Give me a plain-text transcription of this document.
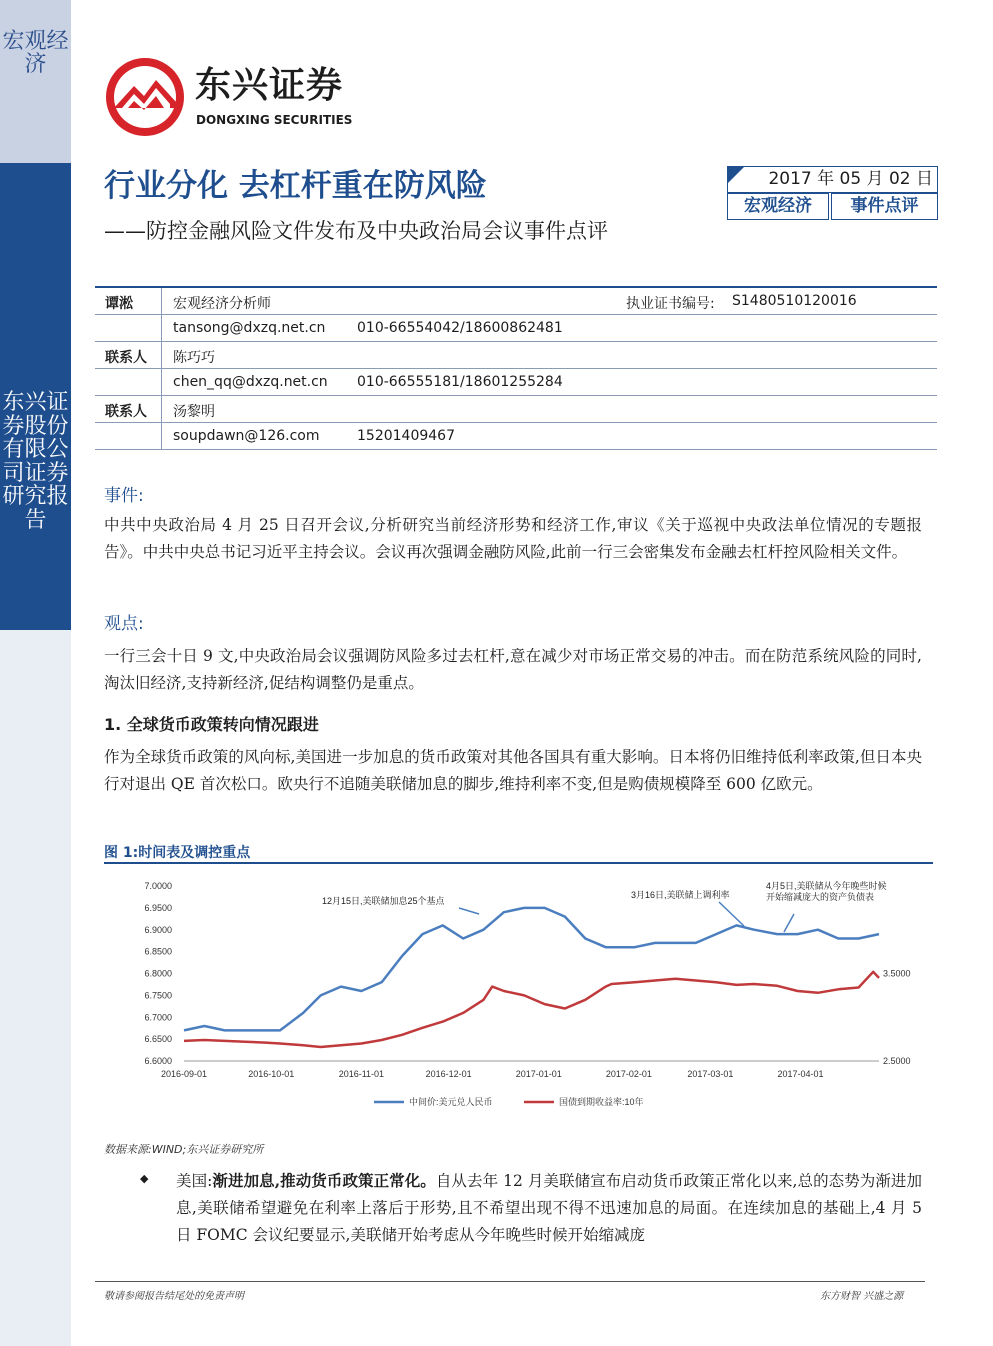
宏观经济
东兴证券股份有限公司证券研究报告
东兴证券
DONGXING SECURITIES
行业分化 去杠杆重在防风险
——防控金融风险文件发布及中央政治局会议事件点评
2017 年 05 月 02 日
宏观经济	事件点评
谭淞	宏观经济分析师	执业证书编号: S1480510120016
tansong@dxzq.net.cn 010-66554042/18600862481
联系人 陈巧巧
chen_qq@dxzq.net.cn 010-66555181/18601255284
联系人 汤黎明
soupdawn@126.com	15201409467
事件:
中共中央政治局 4 月 25 日召开会议,分析研究当前经济形势和经济工作,审议《关于巡视中央政法单位情况的专题报告》。中共中央总书记习近平主持会议。会议再次强调金融防风险,此前一行三会密集发布金融去杠杆控风险相关文件。
观点:
一行三会十日 9 文,中央政治局会议强调防风险多过去杠杆,意在减少对市场正常交易的冲击。而在防范系统风险的同时,淘汰旧经济,支持新经济,促结构调整仍是重点。
1. 全球货币政策转向情况跟进
作为全球货币政策的风向标,美国进一步加息的货币政策对其他各国具有重大影响。日本将仍旧维持低利率政策,但日本央行对退出 QE 首次松口。欧央行不追随美联储加息的脚步,维持利率不变,但是购债规模降至 600 亿欧元。
图 1:时间表及调控重点
7.0000
6.9500
6.9000
6.8500
6.8000
6.7500
6.7000
6.6500
6.6000
3.5000
2.5000
2016-09-01	2016-10-01	2016-11-01	2016-12-01	2017-01-01	2017-02-01	2017-03-01	2017-04-01
中间价:美元兑人民币	国债到期收益率:10年
12月15日,美联储加息25个基点
3月16日,美联储上调利率
4月5日,美联储从今年晚些时候开始缩减庞大的资产负债表
数据来源:WIND;东兴证券研究所
◆ 美国:渐进加息,推动货币政策正常化。自从去年 12 月美联储宣布启动货币政策正常化以来,总的态势为渐进加息,美联储希望避免在利率上落后于形势,且不希望出现不得不迅速加息的局面。在连续加息的基础上,4 月 5 日 FOMC 会议纪要显示,美联储开始考虑从今年晚些时候开始缩减庞
敬请参阅报告结尾处的免责声明	东方财智 兴盛之源
